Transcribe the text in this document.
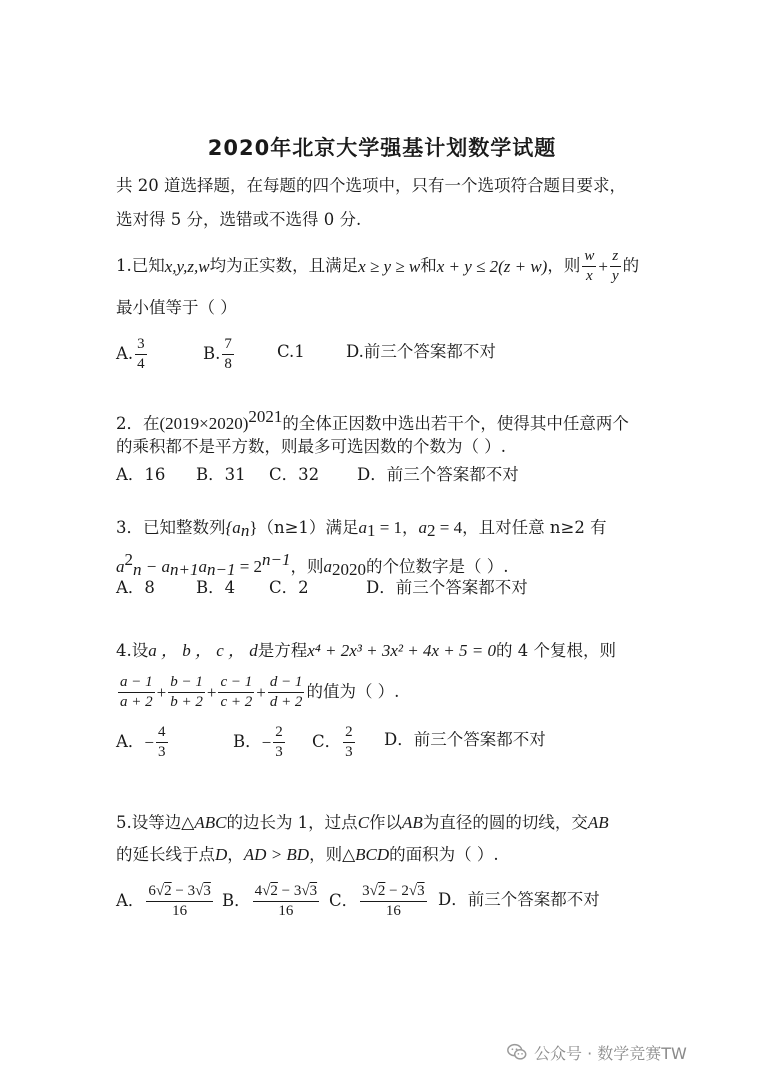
2020年北京大学强基计划数学试题
共 20 道选择题，在每题的四个选项中，只有一个选项符合题目要求，
选对得 5 分，选错或不选得 0 分.
1.已知 x,y,z,w 均为正实数，且满足 x ≥ y ≥ w 和 x + y ≤ 2(z + w) ，则 $\frac{w}{x} + \frac{z}{y}$ 的
最小值等于（ ）
A. $\frac{3}{4}$	B. $\frac{7}{8}$	C.1 D.前三个答案都不对
2．在$(2019\times 2020)^{2021}$的全体正因数中选出若干个，使得其中任意两个
的乘积都不是平方数，则最多可选因数的个数为（ ）.
A．16 B．31 C．32 D．前三个答案都不对
3．已知整数列$\{a_n\}(n\ge 1)$满足$a_1 = 1$，$a_2 = 4$，且对任意 n≥2 有
$a^2_n - a_{n+1}a_{n-1} = 2^{n-1}$，则$a_{2020}$的个位数字是（ ）.
A．8 B．4 C．2	D．前三个答案都不对
4.设a ， b ， c ， d是方程x⁴ + 2x³ + 3x² + 4x + 5 = 0的 4 个复根，则
$\frac{a - 1}{a + 2} + \frac{b - 1}{b + 2} + \frac{c - 1}{c + 2} + \frac{d - 1}{d + 2}$ 的值为（ ）.
A． − $\frac{4}{3}$	B． − $\frac{2}{3}$ C． $\frac{2}{3}$ D．前三个答案都不对
5.设等边△ABC的边长为 1，过点C作以AB为直径的圆的切线，交AB
的延长线于点D，AD > BD，则△BCD的面积为（ ）.
A． $\frac{6√2 - 3√3}{16}$ B． $\frac{4√2 - 3√3}{16}$ C． $\frac{3√2 - 2√3}{16}$ D．前三个答案都不对
公众号 · 数学竞赛TW
